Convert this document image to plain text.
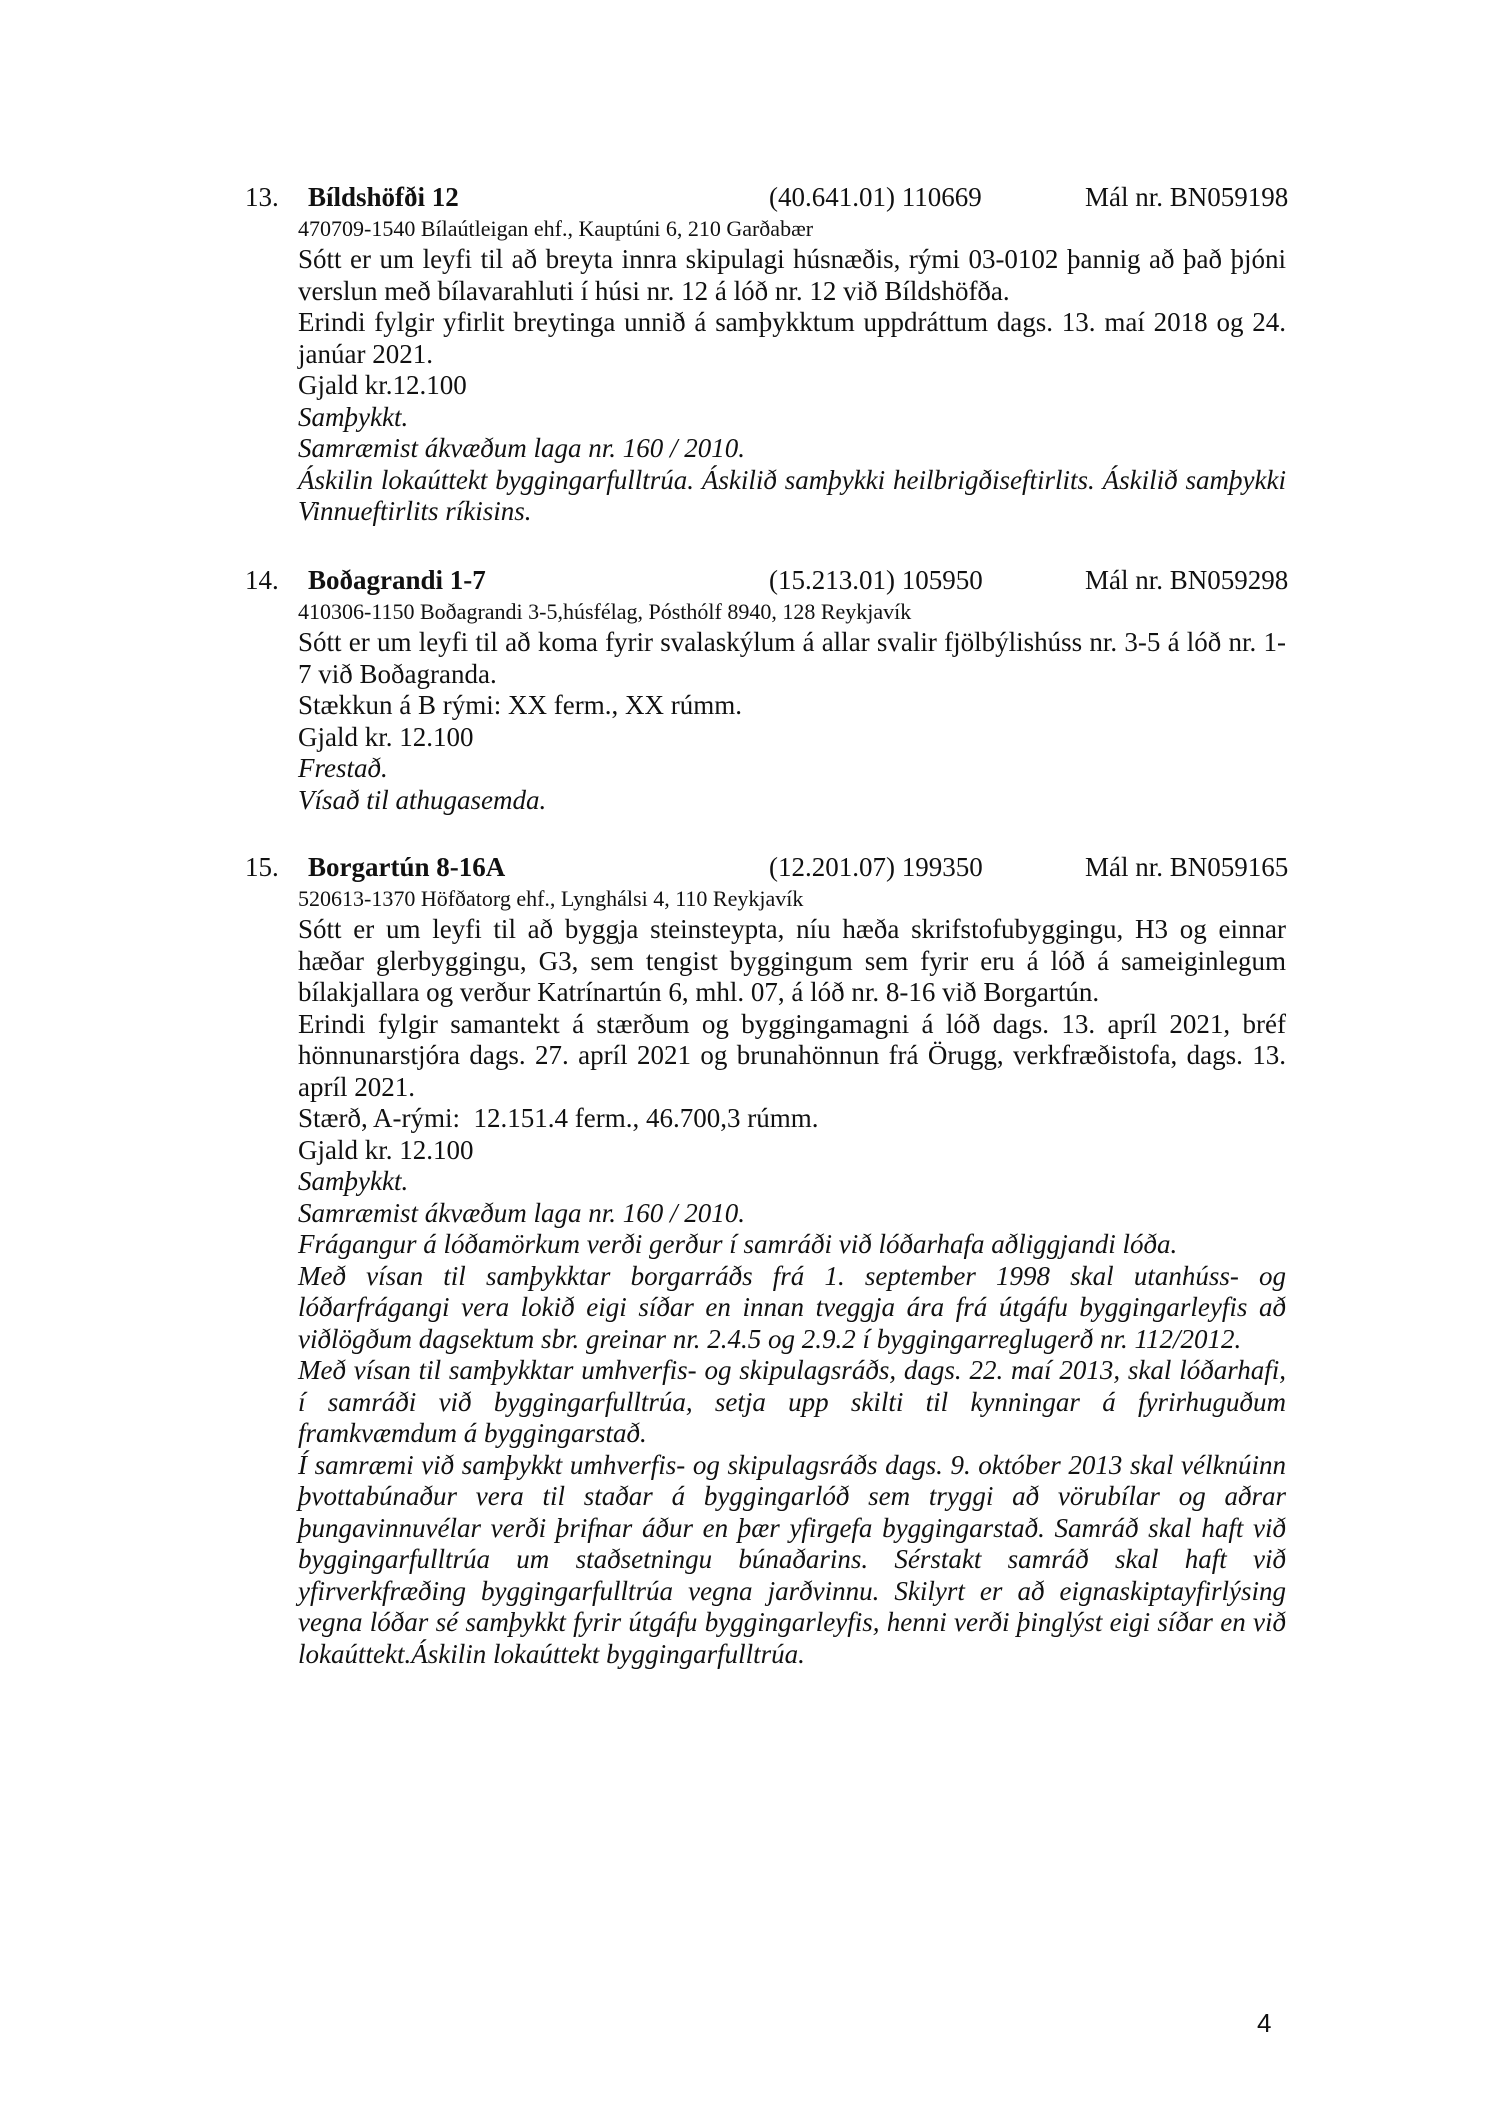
13. Bíldshöfði 12	(40.641.01) 110669	Mál nr. BN059198
470709-1540 Bílaútleigan ehf., Kauptúni 6, 210 Garðabær
Sótt er um leyfi til að breyta innra skipulagi húsnæðis, rými 03-0102 þannig að það þjóni verslun með bílavarahluti í húsi nr. 12 á lóð nr. 12 við Bíldshöfða.
Erindi fylgir yfirlit breytinga unnið á samþykktum uppdráttum dags. 13. maí 2018 og 24. janúar 2021.
Gjald kr.12.100
Samþykkt.
Samræmist ákvæðum laga nr. 160 / 2010.
Áskilin lokaúttekt byggingarfulltrúa. Áskilið samþykki heilbrigðiseftirlits. Áskilið samþykki Vinnueftirlits ríkisins.
14. Boðagrandi 1-7	(15.213.01) 105950	Mál nr. BN059298
410306-1150 Boðagrandi 3-5,húsfélag, Pósthólf 8940, 128 Reykjavík
Sótt er um leyfi til að koma fyrir svalaskýlum á allar svalir fjölbýlishúss nr. 3-5 á lóð nr. 1-7 við Boðagranda.
Stækkun á B rými: XX ferm., XX rúmm.
Gjald kr. 12.100
Frestað.
Vísað til athugasemda.
15. Borgartún 8-16A	(12.201.07) 199350	Mál nr. BN059165
520613-1370 Höfðatorg ehf., Lynghálsi 4, 110 Reykjavík
Sótt er um leyfi til að byggja steinsteypta, níu hæða skrifstofubyggingu, H3 og einnar hæðar glerbyggingu, G3, sem tengist byggingum sem fyrir eru á lóð á sameiginlegum bílakjallara og verður Katrínartún 6, mhl. 07, á lóð nr. 8-16 við Borgartún.
Erindi fylgir samantekt á stærðum og byggingamagni á lóð dags. 13. apríl 2021, bréf hönnunarstjóra dags. 27. apríl 2021 og brunahönnun frá Örugg, verkfræðistofa, dags. 13. apríl 2021.
Stærð, A-rými:  12.151.4 ferm., 46.700,3 rúmm.
Gjald kr. 12.100
Samþykkt.
Samræmist ákvæðum laga nr. 160 / 2010.
Frágangur á lóðamörkum verði gerður í samráði við lóðarhafa aðliggjandi lóða.
Með vísan til samþykktar borgarráðs frá 1. september 1998 skal utanhúss- og lóðarfrágangi vera lokið eigi síðar en innan tveggja ára frá útgáfu byggingarleyfis að viðlögðum dagsektum sbr. greinar nr. 2.4.5 og 2.9.2 í byggingarreglugerð nr. 112/2012.
Með vísan til samþykktar umhverfis- og skipulagsráðs, dags. 22. maí 2013, skal lóðarhafi, í samráði við byggingarfulltrúa, setja upp skilti til kynningar á fyrirhuguðum framkvæmdum á byggingarstað.
Í samræmi við samþykkt umhverfis- og skipulagsráðs dags. 9. október 2013 skal vélknúinn þvottabúnaður vera til staðar á byggingarlóð sem tryggi að vörubílar og aðrar þungavinnuvélar verði þrifnar áður en þær yfirgefa byggingarstað. Samráð skal haft við byggingarfulltrúa um staðsetningu búnaðarins. Sérstakt samráð skal haft við yfirverkfræðing byggingarfulltrúa vegna jarðvinnu. Skilyrt er að eignaskiptayfirlýsing vegna lóðar sé samþykkt fyrir útgáfu byggingarleyfis, henni verði þinglýst eigi síðar en við lokaúttekt.Áskilin lokaúttekt byggingarfulltrúa.
4
